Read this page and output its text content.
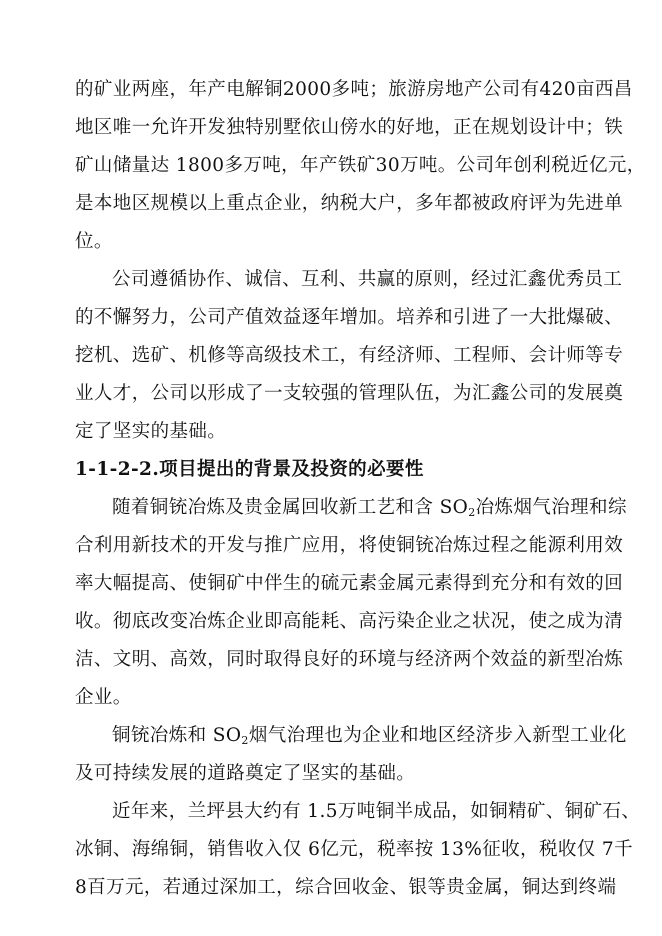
的矿业两座，年产电解铜2000多吨；旅游房地产公司有420亩西昌
地区唯一允许开发独特别墅依山傍水的好地，正在规划设计中；铁
矿山储量达 1800多万吨，年产铁矿30万吨。公司年创利税近亿元，
是本地区规模以上重点企业，纳税大户，多年都被政府评为先进单
位。
公司遵循协作、诚信、互利、共赢的原则，经过汇鑫优秀员工
的不懈努力，公司产值效益逐年增加。培养和引进了一大批爆破、
挖机、选矿、机修等高级技术工，有经济师、工程师、会计师等专
业人才，公司以形成了一支较强的管理队伍，为汇鑫公司的发展奠
定了坚实的基础。
1-1-2-2.项目提出的背景及投资的必要性
随着铜铳冶炼及贵金属回收新工艺和含 $SO_2$冶炼烟气治理和综
合利用新技术的开发与推广应用，将使铜铳冶炼过程之能源利用效
率大幅提高、使铜矿中伴生的硫元素金属元素得到充分和有效的回
收。彻底改变冶炼企业即高能耗、高污染企业之状况，使之成为清
洁、文明、高效，同时取得良好的环境与经济两个效益的新型冶炼
企业。
铜铳冶炼和 $SO_2$烟气治理也为企业和地区经济步入新型工业化
及可持续发展的道路奠定了坚实的基础。
近年来，兰坪县大约有 1.5万吨铜半成品，如铜精矿、铜矿石、
冰铜、海绵铜，销售收入仅 6亿元，税率按 13%征收，税收仅 7千
8百万元，若通过深加工，综合回收金、银等贵金属，铜达到终端
